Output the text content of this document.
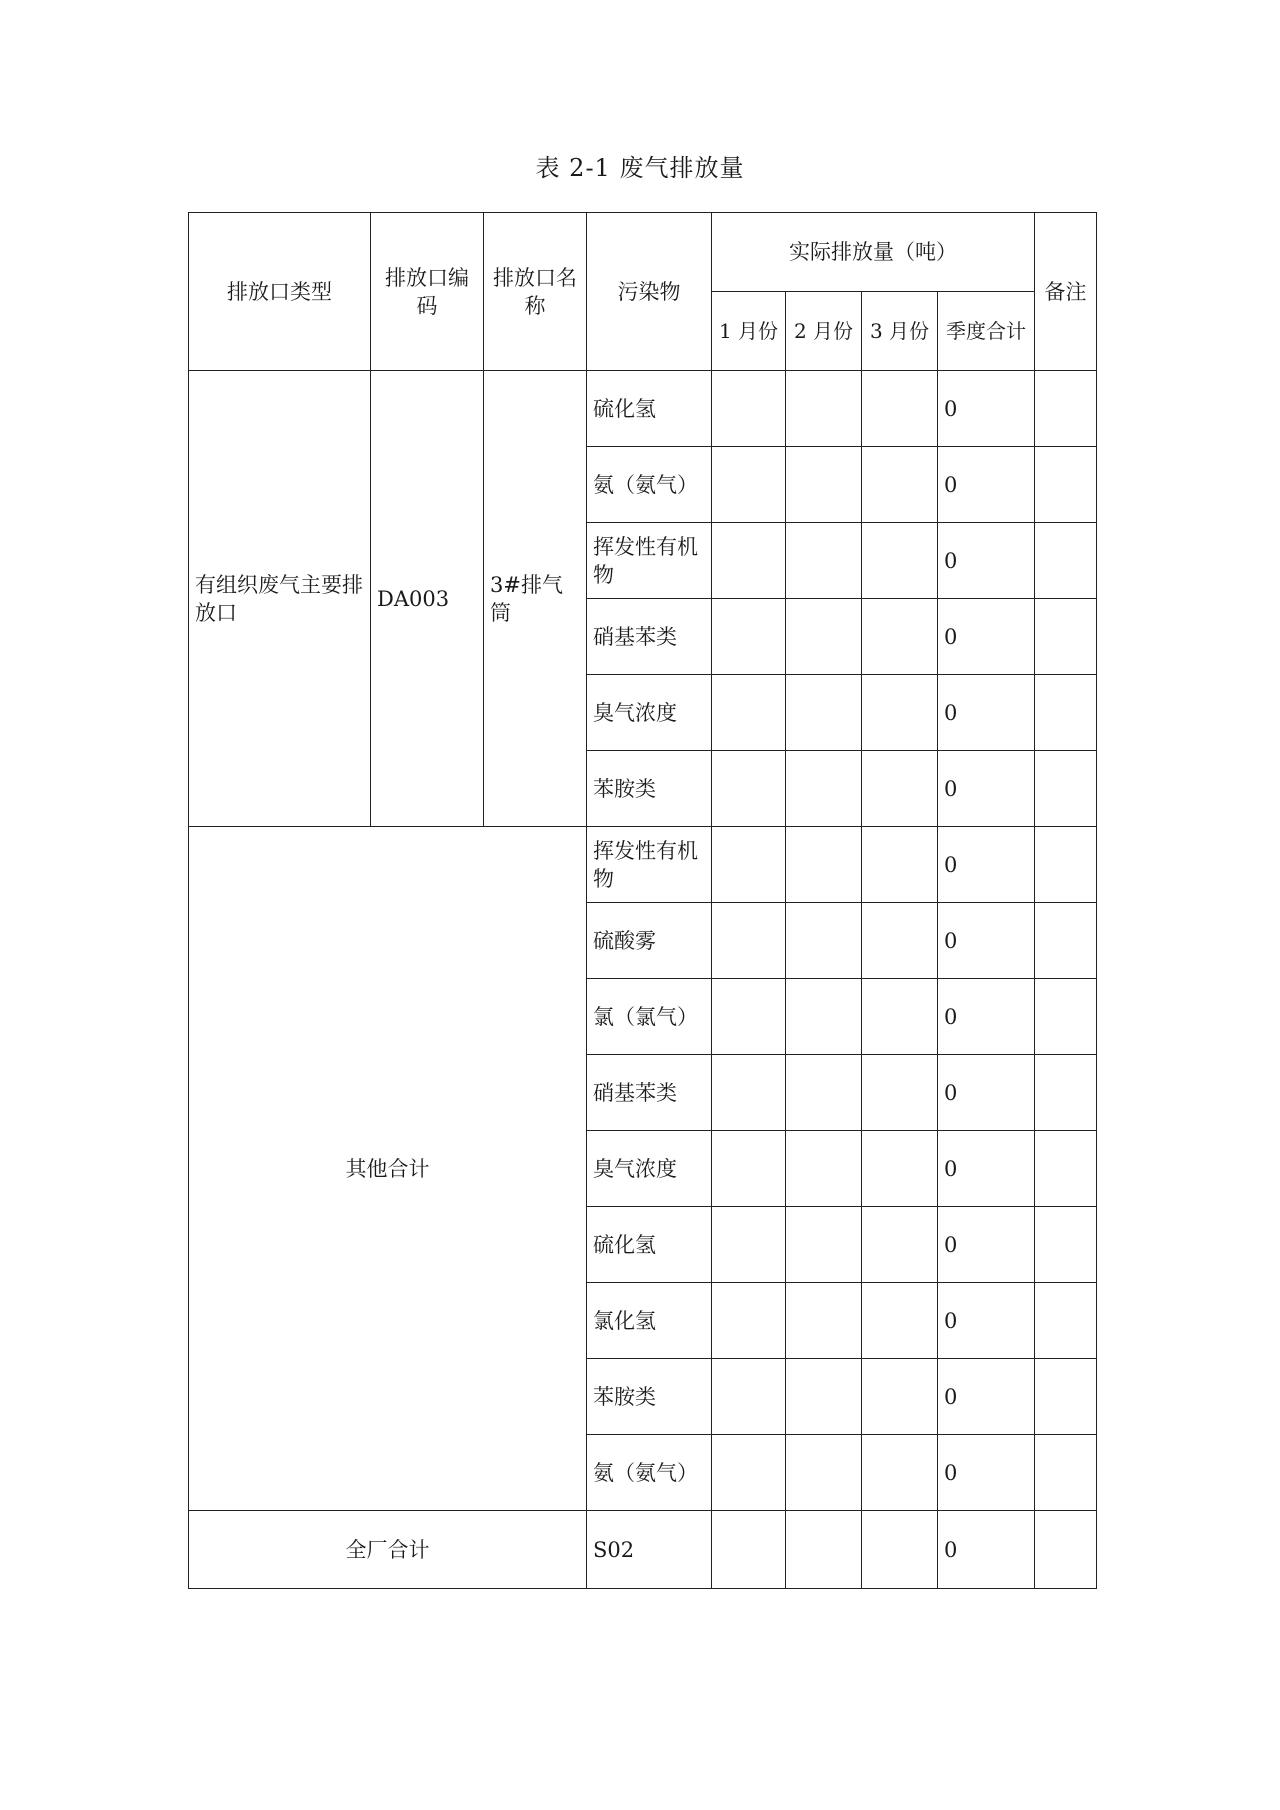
表 2-1 废气排放量
排放口类型	排放口编码	排放口名称	污染物	实际排放量（吨）				备注
				1 月份	2 月份	3 月份	季度合计	
有组织废气主要排放口	DA003	3#排气筒	硫化氢				0	
			氨（氨气）				0	
			挥发性有机物				0	
			硝基苯类				0	
			臭气浓度				0	
			苯胺类				0	
其他合计			挥发性有机物				0	
			硫酸雾				0	
			氯（氯气）				0	
			硝基苯类				0	
			臭气浓度				0	
			硫化氢				0	
			氯化氢				0	
			苯胺类				0	
			氨（氨气）				0	
全厂合计			S02				0	
